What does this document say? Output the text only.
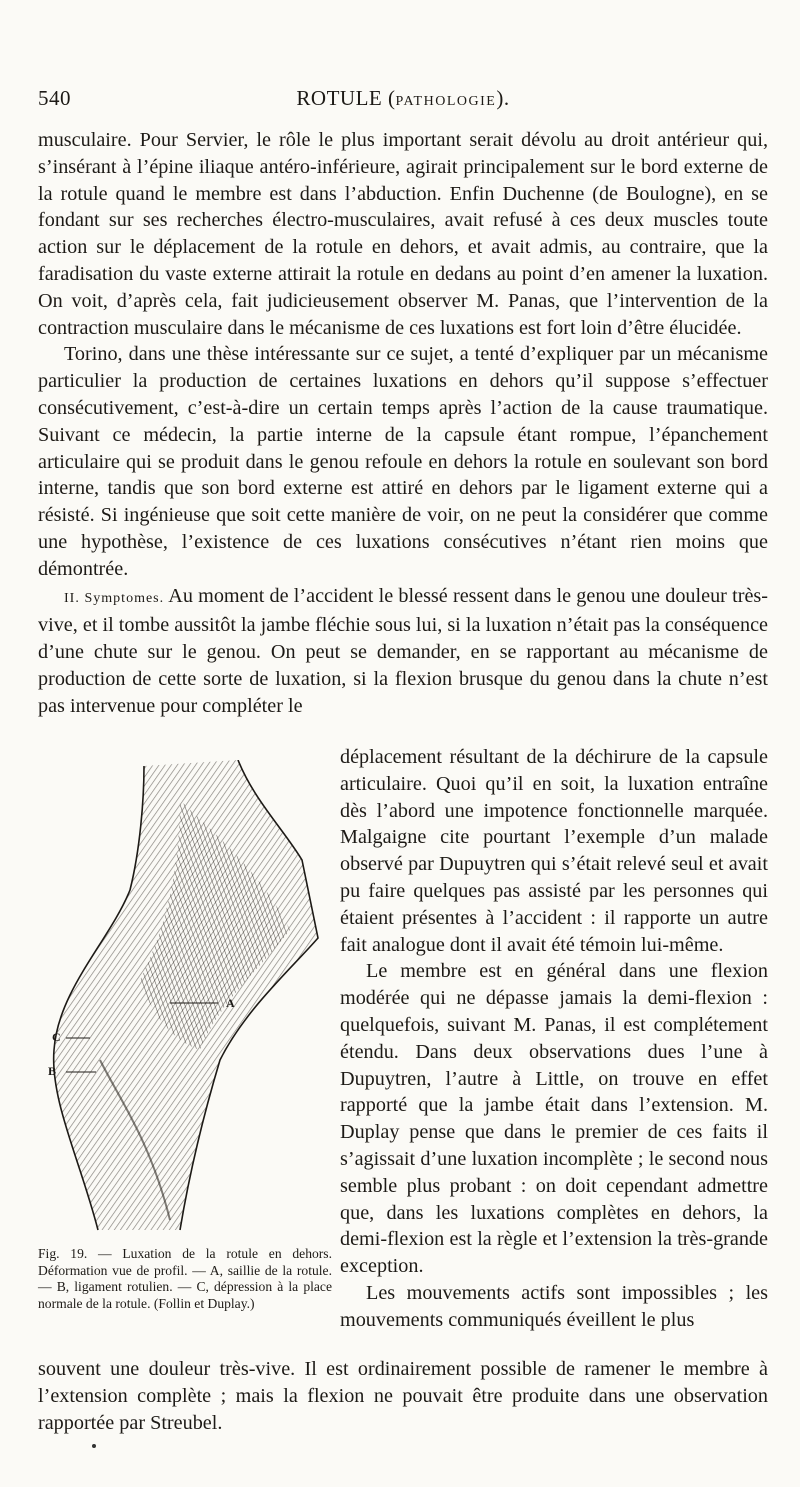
540	ROTULE (PATHOLOGIE).

musculaire. Pour Servier, le rôle le plus important serait dévolu au droit antérieur qui, s’insérant à l’épine iliaque antéro-inférieure, agirait principalement sur le bord externe de la rotule quand le membre est dans l’abduction. Enfin Duchenne (de Boulogne), en se fondant sur ses recherches électro-musculaires, avait refusé à ces deux muscles toute action sur le déplacement de la rotule en dehors, et avait admis, au contraire, que la faradisation du vaste externe attirait la rotule en dedans au point d’en amener la luxation. On voit, d’après cela, fait judicieusement observer M. Panas, que l’intervention de la contraction musculaire dans le mécanisme de ces luxations est fort loin d’être élucidée.

Torino, dans une thèse intéressante sur ce sujet, a tenté d’expliquer par un mécanisme particulier la production de certaines luxations en dehors qu’il suppose s’effectuer consécutivement, c’est-à-dire un certain temps après l’action de la cause traumatique. Suivant ce médecin, la partie interne de la capsule étant rompue, l’épanchement articulaire qui se produit dans le genou refoule en dehors la rotule en soulevant son bord interne, tandis que son bord externe est attiré en dehors par le ligament externe qui a résisté. Si ingénieuse que soit cette manière de voir, on ne peut la considérer que comme une hypothèse, l’existence de ces luxations consécutives n’étant rien moins que démontrée.

II. Symptomes. Au moment de l’accident le blessé ressent dans le genou une douleur très-vive, et il tombe aussitôt la jambe fléchie sous lui, si la luxation n’était pas la conséquence d’une chute sur le genou. On peut se demander, en se rapportant au mécanisme de production de cette sorte de luxation, si la flexion brusque du genou dans la chute n’est pas intervenue pour compléter le

déplacement résultant de la déchirure de la capsule articulaire. Quoi qu’il en soit, la luxation entraîne dès l’abord une impotence fonctionnelle marquée. Malgaigne cite pourtant l’exemple d’un malade observé par Dupuytren qui s’était relevé seul et avait pu faire quelques pas assisté par les personnes qui étaient présentes à l’accident : il rapporte un autre fait analogue dont il avait été témoin lui-même.

Le membre est en général dans une flexion modérée qui ne dépasse jamais la demi-flexion : quelquefois, suivant M. Panas, il est complétement étendu. Dans deux observations dues l’une à Dupuytren, l’autre à Little, on trouve en effet rapporté que la jambe était dans l’extension. M. Duplay pense que dans le premier de ces faits il s’agissait d’une luxation incomplète ; le second nous semble plus probant : on doit cependant admettre que, dans les luxations complètes en dehors, la demi-flexion est la règle et l’extension la très-grande exception.

Les mouvements actifs sont impossibles ; les mouvements communiqués éveillent le plus

A
C
B

Fig. 19. — Luxation de la rotule en dehors. Déformation vue de profil. — A, saillie de la rotule. — B, ligament rotulien. — C, dépression à la place normale de la rotule. (Follin et Duplay.)

souvent une douleur très-vive. Il est ordinairement possible de ramener le membre à l’extension complète ; mais la flexion ne pouvait être produite dans une observation rapportée par Streubel.
